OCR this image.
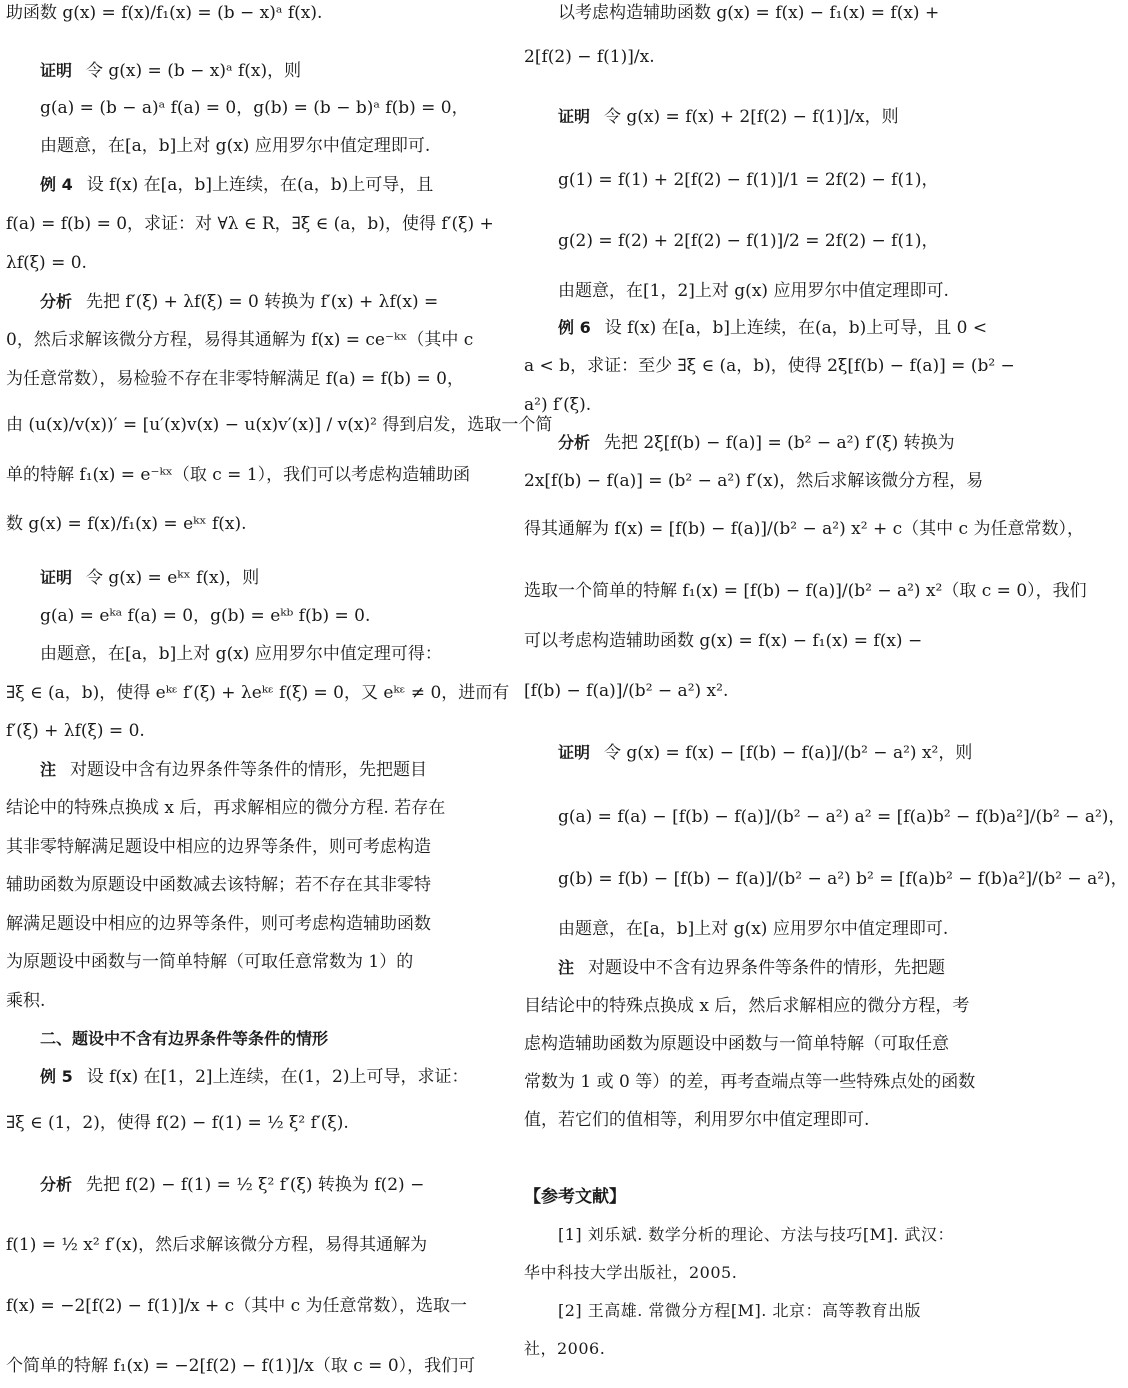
助函数 g(x) = f(x)/f₁(x) = (b − x)ᵃ f(x).
证明 令 g(x) = (b − x)ᵃ f(x)，则
g(a) = (b − a)ᵃ f(a) = 0，g(b) = (b − b)ᵃ f(b) = 0，
由题意，在[a，b]上对 g(x) 应用罗尔中值定理即可.
例 4 设 f(x) 在[a，b]上连续，在(a，b)上可导，且
f(a) = f(b) = 0，求证：对 ∀λ ∈ R，∃ξ ∈ (a，b)，使得 f′(ξ) +
λf(ξ) = 0.
分析 先把 f′(ξ) + λf(ξ) = 0 转换为 f′(x) + λf(x) =
0，然后求解该微分方程，易得其通解为 f(x) = ce⁻ᵏˣ（其中 c
为任意常数），易检验不存在非零特解满足 f(a) = f(b) = 0，
由 (u(x)/v(x))′ = [u′(x)v(x) − u(x)v′(x)] / v(x)² 得到启发，选取一个简
单的特解 f₁(x) = e⁻ᵏˣ（取 c = 1），我们可以考虑构造辅助函
数 g(x) = f(x)/f₁(x) = eᵏˣ f(x).
证明 令 g(x) = eᵏˣ f(x)，则
g(a) = eᵏᵃ f(a) = 0，g(b) = eᵏᵇ f(b) = 0.
由题意，在[a，b]上对 g(x) 应用罗尔中值定理可得：
∃ξ ∈ (a，b)，使得 eᵏᵋ f′(ξ) + λeᵏᵋ f(ξ) = 0，又 eᵏᵋ ≠ 0，进而有
f′(ξ) + λf(ξ) = 0.
注 对题设中含有边界条件等条件的情形，先把题目
结论中的特殊点换成 x 后，再求解相应的微分方程. 若存在
其非零特解满足题设中相应的边界等条件，则可考虑构造
辅助函数为原题设中函数减去该特解；若不存在其非零特
解满足题设中相应的边界等条件，则可考虑构造辅助函数
为原题设中函数与一简单特解（可取任意常数为 1）的
乘积.
二、题设中不含有边界条件等条件的情形
例 5 设 f(x) 在[1，2]上连续，在(1，2)上可导，求证：
∃ξ ∈ (1，2)，使得 f(2) − f(1) = ½ ξ² f′(ξ).
分析 先把 f(2) − f(1) = ½ ξ² f′(ξ) 转换为 f(2) −
f(1) = ½ x² f′(x)，然后求解该微分方程，易得其通解为
f(x) = −2[f(2) − f(1)]/x + c（其中 c 为任意常数），选取一
个简单的特解 f₁(x) = −2[f(2) − f(1)]/x（取 c = 0），我们可
以考虑构造辅助函数 g(x) = f(x) − f₁(x) = f(x) +
2[f(2) − f(1)]/x.
证明 令 g(x) = f(x) + 2[f(2) − f(1)]/x，则
g(1) = f(1) + 2[f(2) − f(1)]/1 = 2f(2) − f(1)，
g(2) = f(2) + 2[f(2) − f(1)]/2 = 2f(2) − f(1)，
由题意，在[1，2]上对 g(x) 应用罗尔中值定理即可.
例 6 设 f(x) 在[a，b]上连续，在(a，b)上可导，且 0 <
a < b，求证：至少 ∃ξ ∈ (a，b)，使得 2ξ[f(b) − f(a)] = (b² −
a²) f′(ξ).
分析 先把 2ξ[f(b) − f(a)] = (b² − a²) f′(ξ) 转换为
2x[f(b) − f(a)] = (b² − a²) f′(x)，然后求解该微分方程，易
得其通解为 f(x) = [f(b) − f(a)]/(b² − a²) x² + c（其中 c 为任意常数），
选取一个简单的特解 f₁(x) = [f(b) − f(a)]/(b² − a²) x²（取 c = 0），我们
可以考虑构造辅助函数 g(x) = f(x) − f₁(x) = f(x) −
[f(b) − f(a)]/(b² − a²) x².
证明 令 g(x) = f(x) − [f(b) − f(a)]/(b² − a²) x²，则
g(a) = f(a) − [f(b) − f(a)]/(b² − a²) a² = [f(a)b² − f(b)a²]/(b² − a²)，
g(b) = f(b) − [f(b) − f(a)]/(b² − a²) b² = [f(a)b² − f(b)a²]/(b² − a²)，
由题意，在[a，b]上对 g(x) 应用罗尔中值定理即可.
注 对题设中不含有边界条件等条件的情形，先把题
目结论中的特殊点换成 x 后，然后求解相应的微分方程，考
虑构造辅助函数为原题设中函数与一简单特解（可取任意
常数为 1 或 0 等）的差，再考查端点等一些特殊点处的函数
值，若它们的值相等，利用罗尔中值定理即可.
【参考文献】
[1] 刘乐斌. 数学分析的理论、方法与技巧[M]. 武汉：
华中科技大学出版社，2005.
[2] 王高雄. 常微分方程[M]. 北京：高等教育出版
社，2006.
